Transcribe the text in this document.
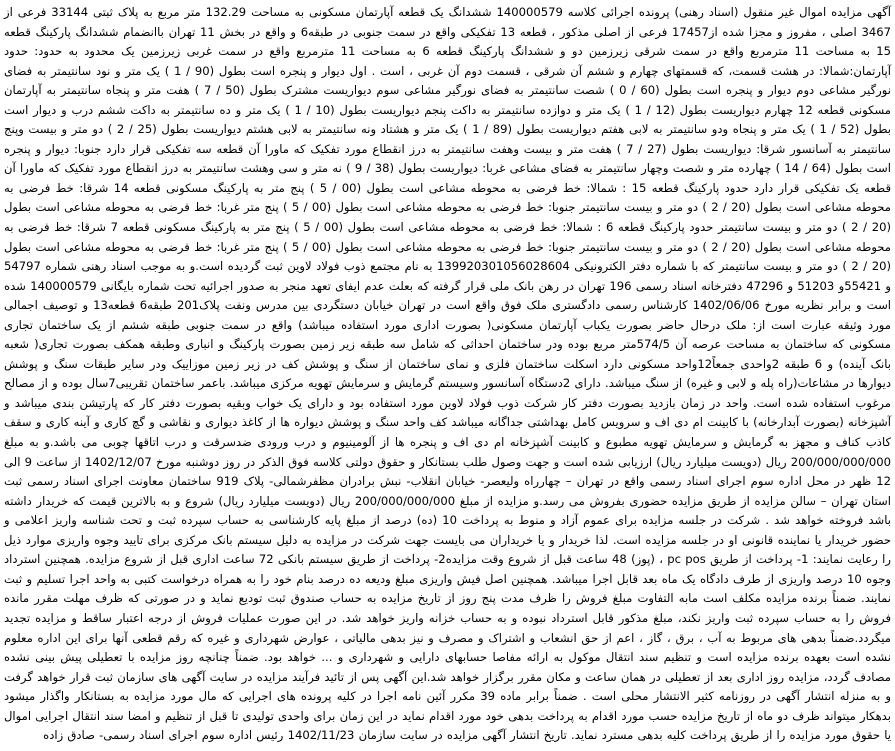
آگهی مزایده اموال غیر منقول (اسناد رهنی) پرونده اجرائی کلاسه 140000579 ششدانگ یک قطعه آپارتمان مسکونی به مساحت 132.29 متر مربع به پلاک ثبتی 33144 فرعی از 3467 اصلی ، مفروز و مجزا شده از17457 فرعی از اصلی مذکور ، قطعه 13 تفکیکی واقع در سمت جنوبی در طبقه6 و واقع در بخش 11 تهران باانضمام ششدانگ پارکینگ قطعه 15 به مساحت 11 مترمربع واقع در سمت شرقی زیرزمین دو و ششدانگ پارکینگ قطعه 6 به مساحت 11 مترمربع واقع در سمت غربی زیرزمین یک محدود به حدود: حدود آپارتمان:شمالا: در هشت قسمت، که قسمتهای چهارم و ششم آن شرقی ، قسمت دوم آن غربی ، است . اول دیوار و پنجره است بطول (90 / 1 ) یک متر و نود سانتیمتر به فضای نورگیر مشاعی دوم دیوار و پنجره است بطول (60 / 0 ) شصت سانتیمتر به فضای نورگیر مشاعی سوم دیواریست مشترک بطول (50 / 7 ) هفت متر و پنجاه سانتیمتر به آپارتمان مسکونی قطعه 12 چهارم دیواریست بطول (12 / 1 ) یک متر و دوازده سانتیمتر به داکت پنجم دیواریست بطول (10 / 1 ) یک متر و ده سانتیمتر به داکت ششم درب و دیوار است بطول (52 / 1 ) یک متر و پنجاه ودو سانتیمتر به لابی هفتم دیواریست بطول (89 / 1 ) یک متر و هشتاد ونه سانتیمتر به لابی هشتم دیواریست بطول (25 / 2 ) دو متر و بیست وپنج سانتیمتر به آسانسور شرقا: دیواریست بطول (27 / 7 ) هفت متر و بیست وهفت سانتیمتر به درز انقطاع مورد تفکیک که ماورا آن قطعه سه تفکیکی قرار دارد جنوبا: دیوار و پنجره است بطول (64 / 14 ) چهارده متر و شصت وچهار سانتیمتر به فضای مشاعی غربا: دیواریست بطول (38 / 9 ) نه متر و سی وهشت سانتیمتر به درز انقطاع مورد تفکیک که ماورا آن قطعه یک تفکیکی قرار دارد حدود پارکینگ قطعه 15 : شمالا: خط فرضی به محوطه مشاعی است بطول (00 / 5 ) پنج متر به پارکینگ مسکونی قطعه 14 شرقا: خط فرضی به محوطه مشاعی است بطول (20 / 2 ) دو متر و بیست سانتیمتر جنوبا: خط فرضی به محوطه مشاعی است بطول (00 / 5 ) پنج متر غربا: خط فرضی به محوطه مشاعی است بطول (20 / 2 ) دو متر و بیست سانتیمتر حدود پارکینگ قطعه 6 : شمالا: خط فرضی به محوطه مشاعی است بطول (00 / 5 ) پنج متر به پارکینگ مسکونی قطعه 7 شرقا: خط فرضی به محوطه مشاعی است بطول (20 / 2 ) دو متر و بیست سانتیمتر جنوبا: خط فرضی به محوطه مشاعی است بطول (00 / 5 ) پنج متر غربا: خط فرضی به محوطه مشاعی است بطول (20 / 2 ) دو متر و بیست سانتیمتر که با شماره دفتر الکترونیکی 139920301056028604 به نام مجتمع ذوب فولاد لاوین ثبت گردیده است.و به موجب اسناد رهنی شماره 54797 و 55421و 51203 و 47296 دفترخانه اسناد رسمی 196 تهران در رهن بانک ملی قرار گرفته که بعلت عدم ایفای تعهد منجر به صدور اجرائیه تحت شماره بایگانی 140000579 شده است و برابر نظریه مورخ 1402/06/06 کارشناس رسمی دادگستری ملک فوق واقع است در تهران خیابان دستگردی بین مدرس ونفت پلاک201 طبقه6 قطعه13 و توصیف اجمالی مورد وثیقه عبارت است از: ملک درحال حاضر بصورت یکباب آپارتمان مسکونی( بصورت اداری مورد استفاده میباشد) واقع در سمت جنوبی طبقه ششم از یک ساختمان تجاری مسکونی که ساختمان به مساحت عرصه آن 574/5متر مربع بوده ودر ساختمان احداثی که شامل سه طبقه زیر زمین بصورت پارکینگ و انباری وطبقه همکف بصورت تجاری( شعبه بانک آینده) و 6 طبقه 2واحدی جمعاً12واحد مسکونی دارد اسکلت ساختمان فلزی و نمای ساختمان از سنگ و پوشش کف در زیر زمین موزاییک ودر سایر طبقات سنگ و پوشش دیوارها در مشاعات(راه پله و لابی و غیره) از سنگ میباشد. دارای 2دستگاه آسانسور وسیستم گرمایش و سرمایش تهویه مرکزی میباشد. باعمر ساختمان تقریبی7سال بوده و از مصالح مرغوب استفاده شده است. واحد در زمان بازدید بصورت دفتر کار شرکت ذوب فولاد لاوین مورد استفاده بود و دارای یک خواب وبقیه بصورت دفتر کار که پارتیشن بندی میباشد و آشپزخانه (بصورت آبدارخانه) با کابینت ام دی اف و سرویس کامل بهداشتی جداگانه میباشد کف واحد سنگ و پوشش دیواره ها از کاغذ دیواری و نقاشی و گچ کاری و آینه کاری و سقف کاذب کناف و مجهز به گرمایش و سرمایش تهویه مطبوع و کابینت آشپزخانه ام دی اف و پنجره ها از آلومینیوم و درب ورودی ضدسرقت و درب اتاقها چوبی می باشد.و به مبلغ 200/000/000/000 ریال (دویست میلیارد ریال) ارزیابی شده است و جهت وصول طلب بستانکار و حقوق دولتی کلاسه فوق الذکر در روز دوشنبه مورخ 1402/12/07 از ساعت 9 الی 12 ظهر در محل اداره سوم اجرای اسناد رسمی واقع در تهران – چهارراه ولیعصر- خیابان انقلاب- نبش برادران مظفرشمالی- پلاک 919 ساختمان معاونت اجرای اسناد رسمی ثبت استان تهران – سالن مزایده از طریق مزایده حضوری بفروش می رسد.و مزایده از مبلغ 200/000/000/000 ریال (دویست میلیارد ریال) شروع و به بالاترین قیمت که خریدار داشته باشد فروخته خواهد شد . شرکت در جلسه مزایده برای عموم آزاد و منوط به پرداخت 10 (ده) درصد از مبلغ پایه کارشناسی به حساب سپرده ثبت و تحت شناسه واریز اعلامی و حضور خریدار یا نماینده قانونی او در جلسه مزایده است. لذا خریدار و یا خریداران می بایست جهت شرکت در مزایده به دلیل سیستم بانک مرکزی برای تایید وجوه واریزی موارد ذیل را رعایت نمایند: 1- پرداخت از طریق pc pos ، (پوز) 48 ساعت قبل از شروع وقت مزایده2- پرداخت از طریق سیستم بانکی 72 ساعت اداری قبل از شروع مزایده. همچنین استرداد وجوه 10 درصد واریزی از طرف دادگاه یک ماه بعد قابل اجرا میباشد. همچنین اصل فیش واریزی مبلغ ودیعه ده درصد بنام خود را به همراه درخواست کتبی به واحد اجرا تسلیم و ثبت نمایند. ضمناً برنده مزایده مکلف است مابه التفاوت مبلغ فروش را ظرف مدت پنج روز از تاریخ مزایده به حساب صندوق ثبت تودیع نماید و در صورتی که ظرف مهلت مقرر مانده فروش را به حساب سپرده ثبت واریز نکند، مبلغ مذکور قابل استرداد نبوده و به حساب خزانه واریز خواهد شد. در این صورت عملیات فروش از درجه اعتبار ساقط و مزایده تجدید میگردد.ضمناً بدهی های مربوط به آب ، برق ، گاز ، اعم از حق انشعاب و اشتراک و مصرف و نیز بدهی مالیاتی ، عوارض شهرداری و غیره که رقم قطعی آنها برای این اداره معلوم نشده است بعهده برنده مزایده است و تنظیم سند انتقال موکول به ارائه مفاصا حسابهای دارایی و شهرداری و ... خواهد بود. ضمناً چنانچه روز مزایده با تعطیلی پیش بینی نشده مصادف گردد، مزایده روز اداری بعد از تعطیلی در همان ساعت و مکان مقرر برگزار خواهد شد.این آگهی پس از تائید فرآیند مزایده در سایت آگهی های سازمان ثبت قرار خواهد گرفت و به منزله انتشار آگهی در روزنامه کثیر الانتشار محلی است . ضمناً برابر ماده 39 مکرر آئین نامه اجرا در کلیه پرونده های اجرایی که مال مورد مزایده به بستانکار واگذار میشود بدهکار میتواند ظرف دو ماه از تاریخ مزایده حسب مورد اقدام به پرداخت بدهی خود مورد اقدام نماید در این زمان برای واحدی تولیدی تا قبل از تنظیم و امضا سند انتقال اجرایی اموال یا حقوق مورد مزایده را از طریق پرداخت کلیه بدهی مسترد نماید. تاریخ انتشار آگهی مزایده در سایت سازمان 1402/11/23 رئیس اداره سوم اجرای اسناد رسمی- صادق زاده
